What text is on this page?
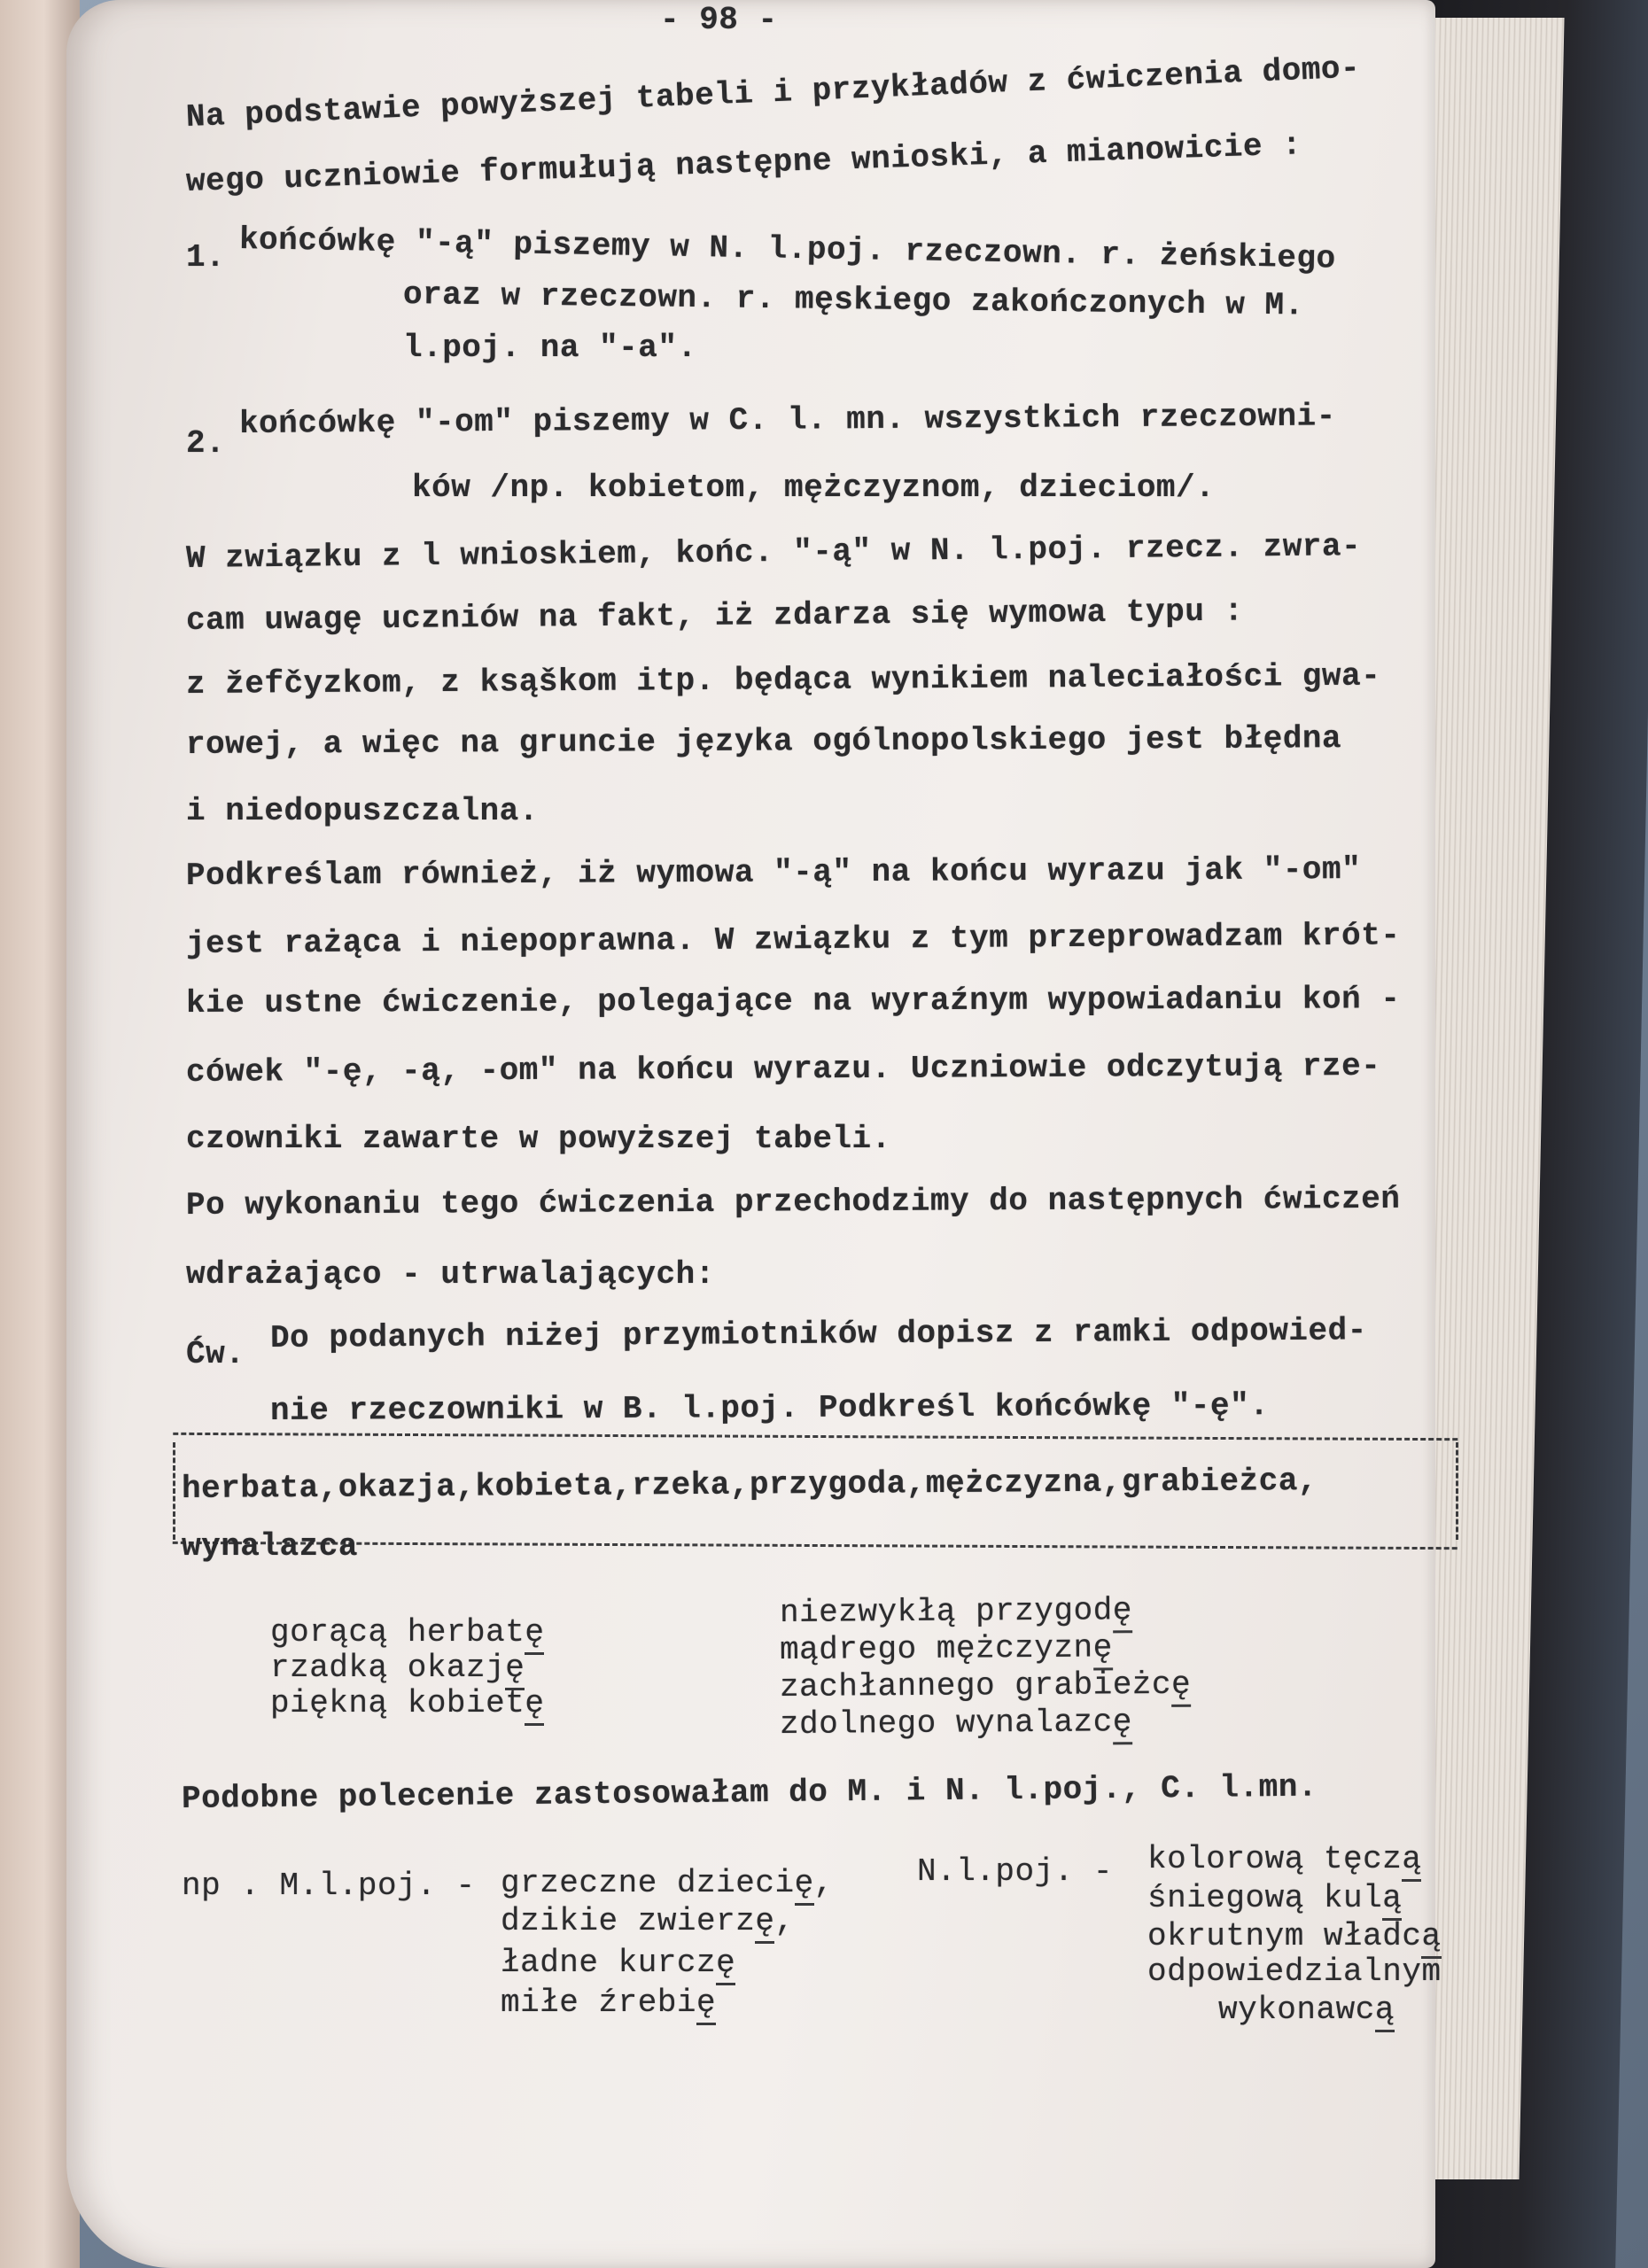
- 98 -
Na podstawie powyższej tabeli i przykładów z ćwiczenia domo-
wego uczniowie formułują następne wnioski, a mianowicie :
1. końcówkę "-ą" piszemy w N. l.poj. rzeczown. r. żeńskiego
oraz w rzeczown. r. męskiego zakończonych w M.
l.poj. na "-a".
2.
końcówkę "-om" piszemy w C. l. mn. wszystkich rzeczowni-
ków /np. kobietom, mężczyznom, dzieciom/.
W związku z l wnioskiem, końc. "-ą" w N. l.poj. rzecz. zwra-
cam uwagę uczniów na fakt, iż zdarza się wymowa typu :
z žefčyzkom, z ksąškom itp. będąca wynikiem naleciałości gwa-
rowej, a więc na gruncie języka ogólnopolskiego jest błędna
i niedopuszczalna.
Podkreślam również, iż wymowa "-ą" na końcu wyrazu jak "-om"
jest rażąca i niepoprawna. W związku z tym przeprowadzam krót-
kie ustne ćwiczenie, polegające na wyraźnym wypowiadaniu koń -
cówek "-ę, -ą, -om" na końcu wyrazu. Uczniowie odczytują rze-
czowniki zawarte w powyższej tabeli.
Po wykonaniu tego ćwiczenia przechodzimy do następnych ćwiczeń
wdrażająco - utrwalających:
Ćw. Do podanych niżej przymiotników dopisz z ramki odpowied-
nie rzeczowniki w B. l.poj. Podkreśl końcówkę "-ę".
herbata,okazja,kobieta,rzeka,przygoda,mężczyzna,grabieżca,
wynalazca
gorącą herbatę
rzadką okazję
piękną kobietę
niezwykłą przygodę
mądrego mężczyznę
zachłannego grabieżcę
zdolnego wynalazcę
Podobne polecenie zastosowałam do M. i N. l.poj., C. l.mn.
np . M.l.poj. - grzeczne dziecię,
dzikie zwierzę,
ładne kurczę
miłe źrebię
N.l.poj. - kolorową tęczą
śniegową kulą
okrutnym władcą
odpowiedzialnym
wykonawcą
